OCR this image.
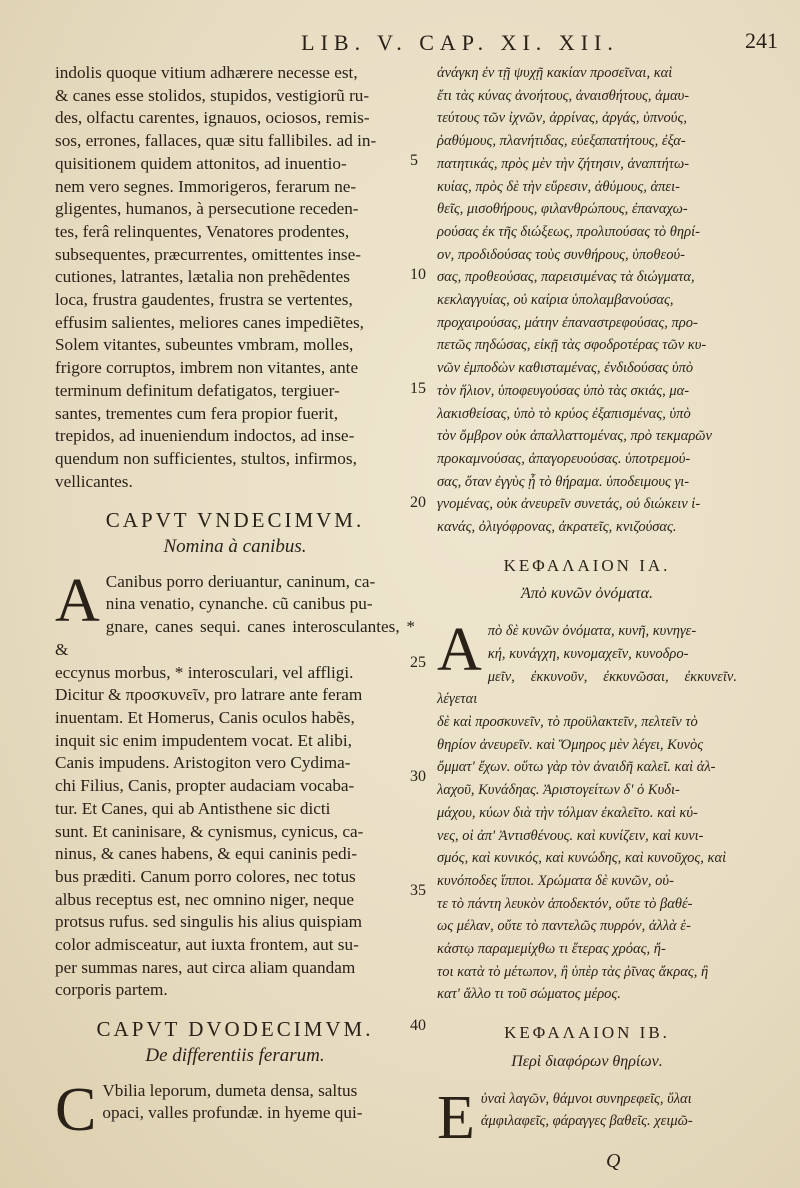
LIB. V. CAP. XI. XII.	241
indolis quoque vitium adhærere necesse est,
& canes esse stolidos, stupidos, vestigiorũ ru-
des, olfactu carentes, ignauos, ociosos, remis-
sos, errones, fallaces, quæ situ fallibiles. ad in-
quisitionem quidem attonitos, ad inuentio-
nem vero segnes. Immorigeros, ferarum ne-
gligentes, humanos, à persecutione receden-
tes, ferâ relinquentes, Venatores prodentes,
subsequentes, præcurrentes, omittentes inse-
cutiones, latrantes, lætalia non prehẽdentes
loca, frustra gaudentes, frustra se vertentes,
effusim salientes, meliores canes impediẽtes,
Solem vitantes, subeuntes vmbram, molles,
frigore corruptos, imbrem non vitantes, ante
terminum definitum defatigatos, tergiuer-
santes, trementes cum fera propior fuerit,
trepidos, ad inueniendum indoctos, ad inse-
quendum non sufficientes, stultos, infirmos,
vellicantes.
CAPVT VNDECIMVM.
Nomina à canibus.
A Canibus porro deriuantur, caninum, ca-
nina venatio, cynanche. cũ canibus pu-
gnare, canes sequi. canes interosculantes, * &
eccynus morbus, * interosculari, vel affligi.
Dicitur & προσκυνεῖν, pro latrare ante feram
inuentam. Et Homerus, Canis oculos habẽs,
inquit sic enim impudentem vocat. Et alibi,
Canis impudens. Aristogiton vero Cydima-
chi Filius, Canis, propter audaciam vocaba-
tur. Et Canes, qui ab Antisthene sic dicti
sunt. Et caninisare, & cynismus, cynicus, ca-
ninus, & canes habens, & equi caninis pedi-
bus præditi. Canum porro colores, nec totus
albus receptus est, nec omnino niger, neque
protsus rufus. sed singulis his alius quispiam
color admisceatur, aut iuxta frontem, aut su-
per summas nares, aut circa aliam quandam
corporis partem.
CAPVT DVODECIMVM.
De differentiis ferarum.
C Vbilia leporum, dumeta densa, saltus
opaci, valles profundæ. in hyeme qui-
5
10
15
20
25
30
35
40
ἀνάγκη ἐν τῇ ψυχῇ κακίαν προσεῖναι, καὶ
ἔτι τὰς κύνας ἀνοήτους, ἀναισθήτους, ἀμαυ-
τεύτους τῶν ἰχνῶν, ἀρρίνας, ἀργάς, ὑπνούς,
ῥαθύμους, πλανήτιδας, εὐεξαπατήτους, ἐξα-
πατητικάς, πρὸς μὲν τὴν ζήτησιν, ἀναπτήτω-
κυίας, πρὸς δὲ τὴν εὕρεσιν, ἀθύμους, ἀπει-
θεῖς, μισοθήρους, φιλανθρώπους, ἐπαναχω-
ρούσας ἐκ τῆς διώξεως, προλιπούσας τὸ θηρί-
ον, προδιδούσας τοὺς συνθήρους, ὑποθεού-
σας, προθεούσας, παρεισιμένας τὰ διώγματα,
κεκλαγγυίας, οὐ καίρια ὑπολαμβανούσας,
προχαιρούσας, μάτην ἐπαναστρεφούσας, προ-
πετῶς πηδώσας, εἰκῇ τὰς σφοδροτέρας τῶν κυ-
νῶν ἐμποδὼν καθισταμένας, ἐνδιδούσας ὑπὸ
τὸν ἥλιον, ὑποφευγούσας ὑπὸ τὰς σκιάς, μα-
λακισθείσας, ὑπὸ τὸ κρύος ἐξαπισμένας, ὑπὸ
τὸν ὄμβρον οὐκ ἀπαλλαττομένας, πρὸ τεκμαρῶν
προκαμνούσας, ἀπαγορευούσας. ὑποτρεμού-
σας, ὅταν ἐγγὺς ᾖ τὸ θήραμα. ὑποδειμους γι-
γνομένας, οὐκ ἀνευρεῖν συνετάς, οὐ διώκειν ἱ-
κανάς, ὀλιγόφρονας, ἀκρατεῖς, κνιζούσας.
ΚΕΦΑΛΑΙΟΝ ΙΑ.
Ἀπὸ κυνῶν ὀνόματα.
Α πὸ δὲ κυνῶν ὀνόματα, κυνῆ, κυνηγε-
κή, κυνάγχη, κυνομαχεῖν, κυνοδρο-
μεῖν, ἐκκυνοῦν, ἐκκυνῶσαι, ἐκκυνεῖν. λέγεται
δὲ καὶ προσκυνεῖν, τὸ προϋλακτεῖν, πελτεῖν τὸ
θηρίον ἀνευρεῖν. καὶ Ὅμηρος μὲν λέγει, Κυνὸς
ὄμματ' ἔχων. οὕτω γὰρ τὸν ἀναιδῆ καλεῖ. καὶ ἀλ-
λαχοῦ, Κυνάδηας. Ἀριστογείτων δ' ὁ Κυδι-
μάχου, κύων διὰ τὴν τόλμαν ἐκαλεῖτο. καὶ κύ-
νες, οἱ ἀπ' Ἀντισθένους. καὶ κυνίζειν, καὶ κυνι-
σμός, καὶ κυνικός, καὶ κυνώδης, καὶ κυνοῦχος, καὶ
κυνόποδες ἵπποι. Χρώματα δὲ κυνῶν, οὐ-
τε τὸ πάντη λευκὸν ἀποδεκτόν, οὔτε τὸ βαθέ-
ως μέλαν, οὔτε τὸ παντελῶς πυρρόν, ἀλλὰ ἑ-
κάστῳ παραμεμίχθω τι ἕτερας χρόας, ἤ-
τοι κατὰ τὸ μέτωπον, ἢ ὑπὲρ τὰς ῥῖνας ἄκρας, ἢ
κατ' ἄλλο τι τοῦ σώματος μέρος.
ΚΕΦΑΛΑΙΟΝ ΙΒ.
Περὶ διαφόρων θηρίων.
Ε ὐναὶ λαγῶν, θάμνοι συνηρεφεῖς, ὕλαι
ἀμφιλαφεῖς, φάραγγες βαθεῖς. χειμῶ-
Q
